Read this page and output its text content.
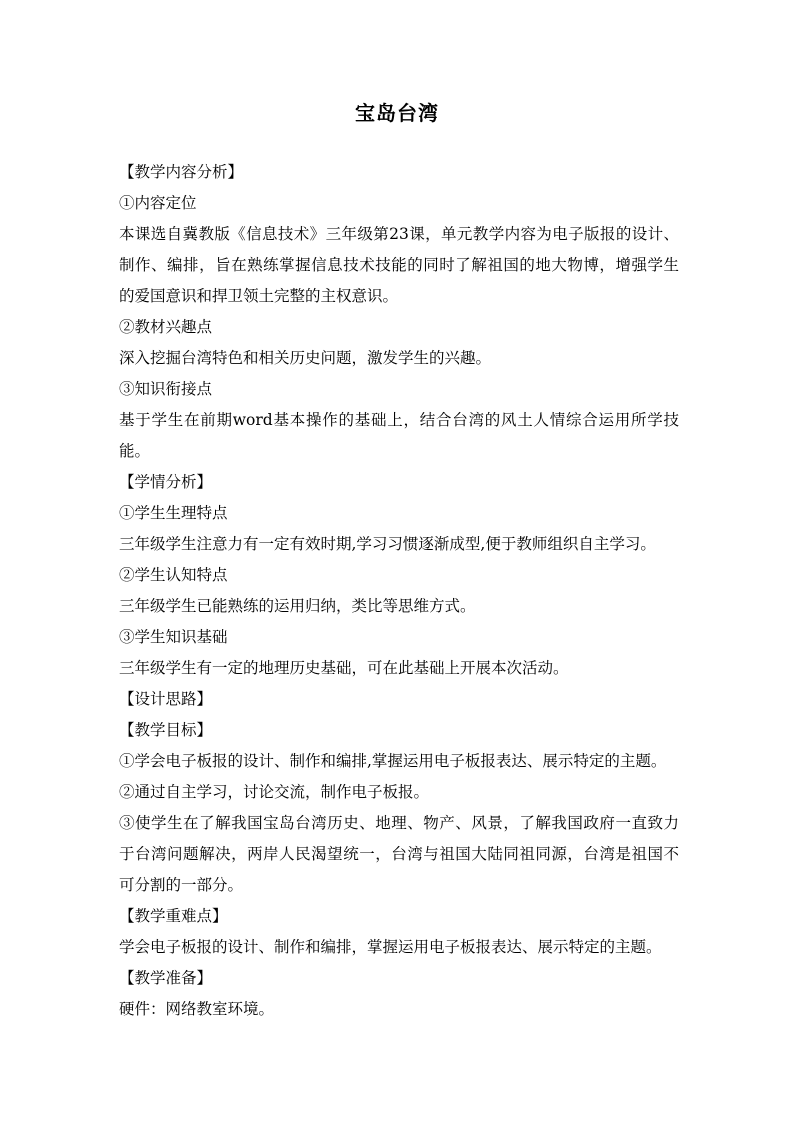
宝岛台湾
【教学内容分析】
①内容定位
本课选自冀教版《信息技术》三年级第23课，单元教学内容为电子版报的设计、
制作、编排，旨在熟练掌握信息技术技能的同时了解祖国的地大物博，增强学生
的爱国意识和捍卫领土完整的主权意识。
②教材兴趣点
深入挖掘台湾特色和相关历史问题，激发学生的兴趣。
③知识衔接点
基于学生在前期word基本操作的基础上，结合台湾的风土人情综合运用所学技
能。
【学情分析】
①学生生理特点
三年级学生注意力有一定有效时期,学习习惯逐渐成型,便于教师组织自主学习。
②学生认知特点
三年级学生已能熟练的运用归纳，类比等思维方式。
③学生知识基础
三年级学生有一定的地理历史基础，可在此基础上开展本次活动。
【设计思路】
【教学目标】
①学会电子板报的设计、制作和编排,掌握运用电子板报表达、展示特定的主题。
②通过自主学习，讨论交流，制作电子板报。
③使学生在了解我国宝岛台湾历史、地理、物产、风景，了解我国政府一直致力
于台湾问题解决，两岸人民渴望统一，台湾与祖国大陆同祖同源，台湾是祖国不
可分割的一部分。
【教学重难点】
学会电子板报的设计、制作和编排，掌握运用电子板报表达、展示特定的主题。
【教学准备】
硬件：网络教室环境。
